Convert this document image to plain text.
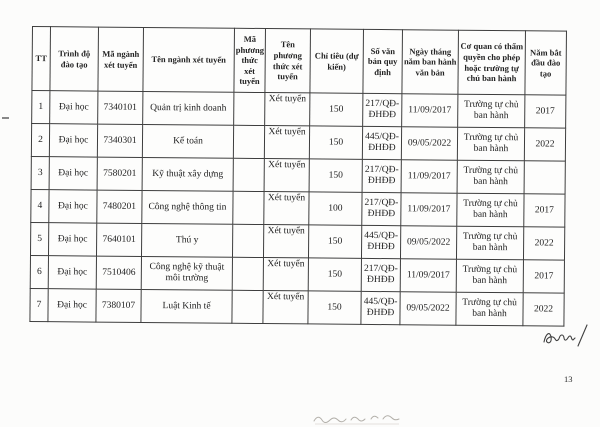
TT	Trình độ đào tạo	Mã ngành xét tuyển	Tên ngành xét tuyển	Mã phương thức xét tuyển	Tên phương thức xét tuyển	Chỉ tiêu (dự kiến)	Số văn bản quy định	Ngày tháng năm ban hành văn bản	Cơ quan có thẩm quyền cho phép hoặc trường tự chủ ban hành	Năm bắt đầu đào tạo
1	Đại học	7340101	Quản trị kinh doanh		Xét tuyển	150	217/QĐ-ĐHĐĐ	11/09/2017	Trường tự chủ ban hành	2017
2	Đại học	7340301	Kế toán		Xét tuyển	150	445/QĐ-ĐHĐĐ	09/05/2022	Trường tự chủ ban hành	2022
3	Đại học	7580201	Kỹ thuật xây dựng		Xét tuyển	150	217/QĐ-ĐHĐĐ	11/09/2017	Trường tự chủ ban hành	
4	Đại học	7480201	Công nghệ thông tin		Xét tuyển	100	217/QĐ-ĐHĐĐ	11/09/2017	Trường tự chủ ban hành	2017
5	Đại học	7640101	Thú y		Xét tuyển	150	445/QĐ-ĐHĐĐ	09/05/2022	Trường tự chủ ban hành	2022
6	Đại học	7510406	Công nghệ kỹ thuật môi trường		Xét tuyển	150	217/QĐ-ĐHĐĐ	11/09/2017	Trường tự chủ ban hành	2017
7	Đại học	7380107	Luật Kinh tế		Xét tuyển	150	445/QĐ-ĐHĐĐ	09/05/2022	Trường tự chủ ban hành	2022
13
